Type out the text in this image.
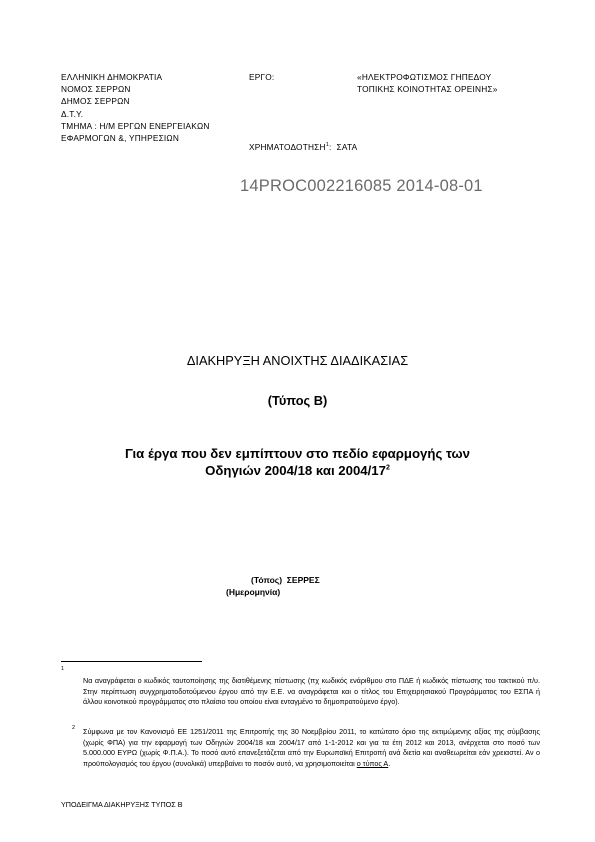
ΕΛΛΗΝΙΚΗ ΔΗΜΟΚΡΑΤΙΑ
ΝΟΜΟΣ ΣΕΡΡΩΝ
ΔΗΜΟΣ ΣΕΡΡΩΝ
Δ.Τ.Υ.
ΤΜΗΜΑ : Η/Μ ΕΡΓΩΝ ΕΝΕΡΓΕΙΑΚΩΝ
ΕΦΑΡΜΟΓΩΝ &, ΥΠΗΡΕΣΙΩΝ
ΕΡΓΟ:	«ΗΛΕΚΤΡΟΦΩΤΙΣΜΟΣ ΓΗΠΕΔΟΥ
ΤΟΠΙΚΗΣ ΚΟΙΝΟΤΗΤΑΣ ΟΡΕΙΝΗΣ»
ΧΡΗΜΑΤΟΔΟΤΗΣΗ$^1$: ΣΑΤΑ
14PROC002216085 2014-08-01
ΔΙΑΚΗΡΥΞΗ ΑΝΟΙΧΤΗΣ ΔΙΑΔΙΚΑΣΙΑΣ
(Τύπος Β)
Για έργα που δεν εμπίπτουν στο πεδίο εφαρμογής των
Οδηγιών 2004/18 και $2004/17^2$
(Τόπος) ΣΕΡΡΕΣ
(Ημερομηνία)
1
Να αναγράφεται ο κωδικός ταυτοποίησης της διατιθέμενης πίστωσης (πχ κωδικός ενάριθμου στο ΠΔΕ ή κωδικός πίστωσης του τακτικού π/υ. Στην περίπτωση συγχρηματοδοτούμενου έργου από την Ε.Ε. να αναγράφεται και ο τίτλος του Επιχειρησιακού Προγράμματος του ΕΣΠΑ ή άλλου κοινοτικού προγράμματος στο πλαίσιο του οποίου είναι ενταγμένο το δημοπρατούμενο έργο).
2 Σύμφωνα με τον Κανονισμό ΕΕ 1251/2011 της Επιτροπής της 30 Νοεμβρίου 2011, το κατώτατο όριο της εκτιμώμενης αξίας της σύμβασης (χωρίς ΦΠΑ) για την εφαρμογή των Οδηγιών 2004/18 και 2004/17 από 1-1-2012 και για τα έτη 2012 και 2013, ανέρχεται στο ποσό των 5.000.000 ΕΥΡΩ (χωρίς Φ.Π.Α.). Το ποσό αυτό επανεξετάζεται από την Ευρωπαϊκή Επιτροπή ανά διετία και αναθεωρείται εάν χρειαστεί. Αν ο προϋπολογισμός του έργου (συνολικά) υπερβαίνει το ποσόν αυτό, να χρησιμοποιείται ο τύπος Α.
ΥΠΟΔΕΙΓΜΑ ΔΙΑΚΗΡΥΞΗΣ ΤΥΠΟΣ Β
